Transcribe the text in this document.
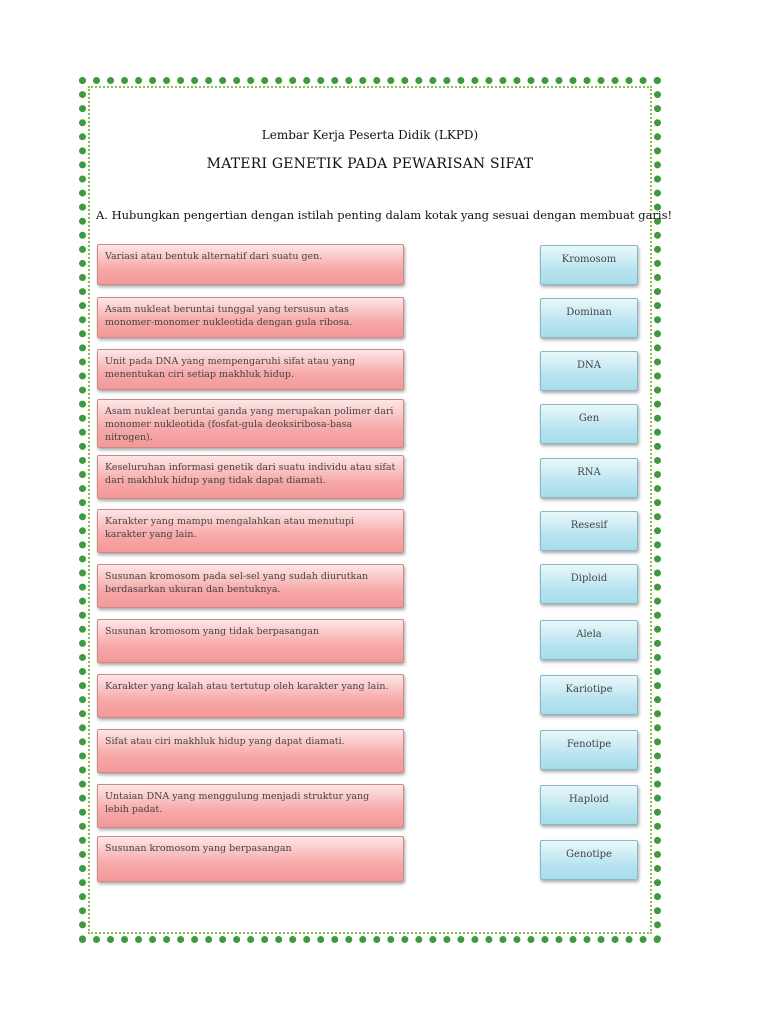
Lembar Kerja Peserta Didik (LKPD)
MATERI GENETIK PADA PEWARISAN SIFAT
A. Hubungkan pengertian dengan istilah penting dalam kotak yang sesuai dengan membuat garis!
Variasi atau bentuk alternatif dari suatu gen.
Asam nukleat beruntai tunggal yang tersusun atas monomer-monomer nukleotida dengan gula ribosa.
Unit pada DNA yang mempengaruhi sifat atau yang menentukan ciri setiap makhluk hidup.
Asam nukleat beruntai ganda yang merupakan polimer dari monomer nukleotida (fosfat-gula deoksiribosa-basa nitrogen).
Keseluruhan informasi genetik dari suatu individu atau sifat dari makhluk hidup yang tidak dapat diamati.
Karakter yang mampu mengalahkan atau menutupi karakter yang lain.
Susunan kromosom pada sel-sel yang sudah diurutkan berdasarkan ukuran dan bentuknya.
Susunan kromosom yang tidak berpasangan
Karakter yang kalah atau tertutup oleh karakter yang lain.
Sifat atau ciri makhluk hidup yang dapat diamati.
Untaian DNA yang menggulung menjadi struktur yang lebih padat.
Susunan kromosom yang berpasangan
Kromosom
Dominan
DNA
Gen
RNA
Resesif
Diploid
Alela
Kariotipe
Fenotipe
Haploid
Genotipe
